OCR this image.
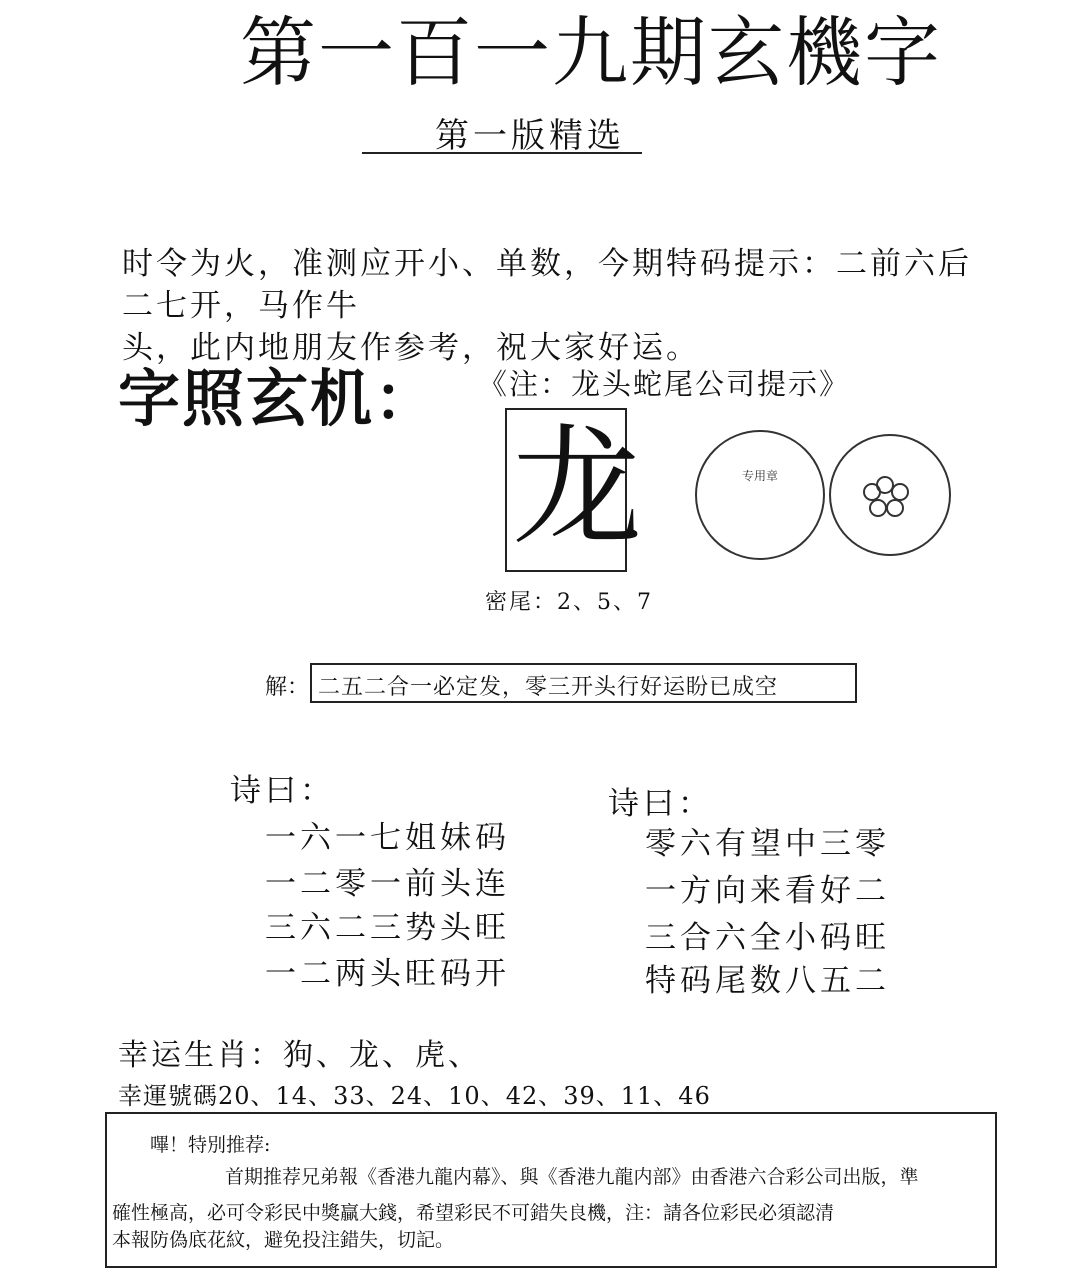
第一百一九期玄機字
第一版精选
时令为火，准测应开小、单数，今期特码提示：二前六后
二七开，马作牛
头，此内地朋友作参考，祝大家好运。
专用章
字照玄机： 《注：龙头蛇尾公司提示》
龙
密尾：2、5、7
解： 二五二合一必定发，零三开头行好运盼已成空
诗曰：
一六一七姐妹码
一二零一前头连
三六二三势头旺
一二两头旺码开
诗曰：
零六有望中三零
一方向来看好二
三合六全小码旺
特码尾数八五二
幸运生肖：狗、龙、虎、
幸運號碼20、14、33、24、10、42、39、11、46
嗶！特別推荐:
首期推荐兄弟報《香港九龍内幕》、與《香港九龍内部》由香港六合彩公司出版，準
確性極高，必可令彩民中獎贏大錢，希望彩民不可錯失良機，注：請各位彩民必須認清
本報防偽底花紋，避免投注錯失，切記。
